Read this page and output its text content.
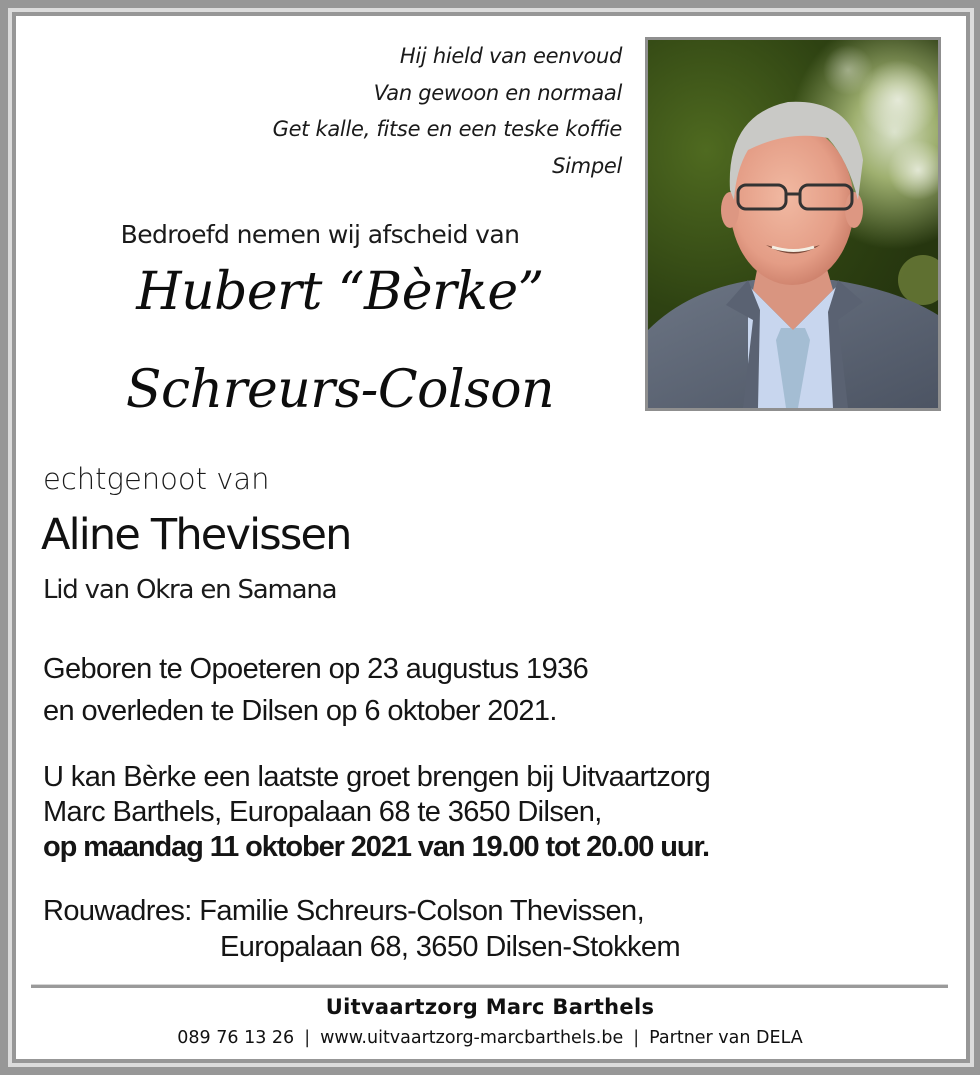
Hij hield van eenvoud
Van gewoon en normaal
Get kalle, fitse en een teske koffie
Simpel
Bedroefd nemen wij afscheid van
Hubert “Bèrke”
Schreurs-Colson
echtgenoot van
Aline Thevissen
Lid van Okra en Samana
Geboren te Opoeteren op 23 augustus 1936
en overleden te Dilsen op 6 oktober 2021.
U kan Bèrke een laatste groet brengen bij Uitvaartzorg
Marc Barthels, Europalaan 68 te 3650 Dilsen,
op maandag 11 oktober 2021 van 19.00 tot 20.00 uur.
Rouwadres: Familie Schreurs-Colson Thevissen,
Europalaan 68, 3650 Dilsen-Stokkem
Uitvaartzorg Marc Barthels
089 76 13 26 | www.uitvaartzorg-marcbarthels.be | Partner van DELA
